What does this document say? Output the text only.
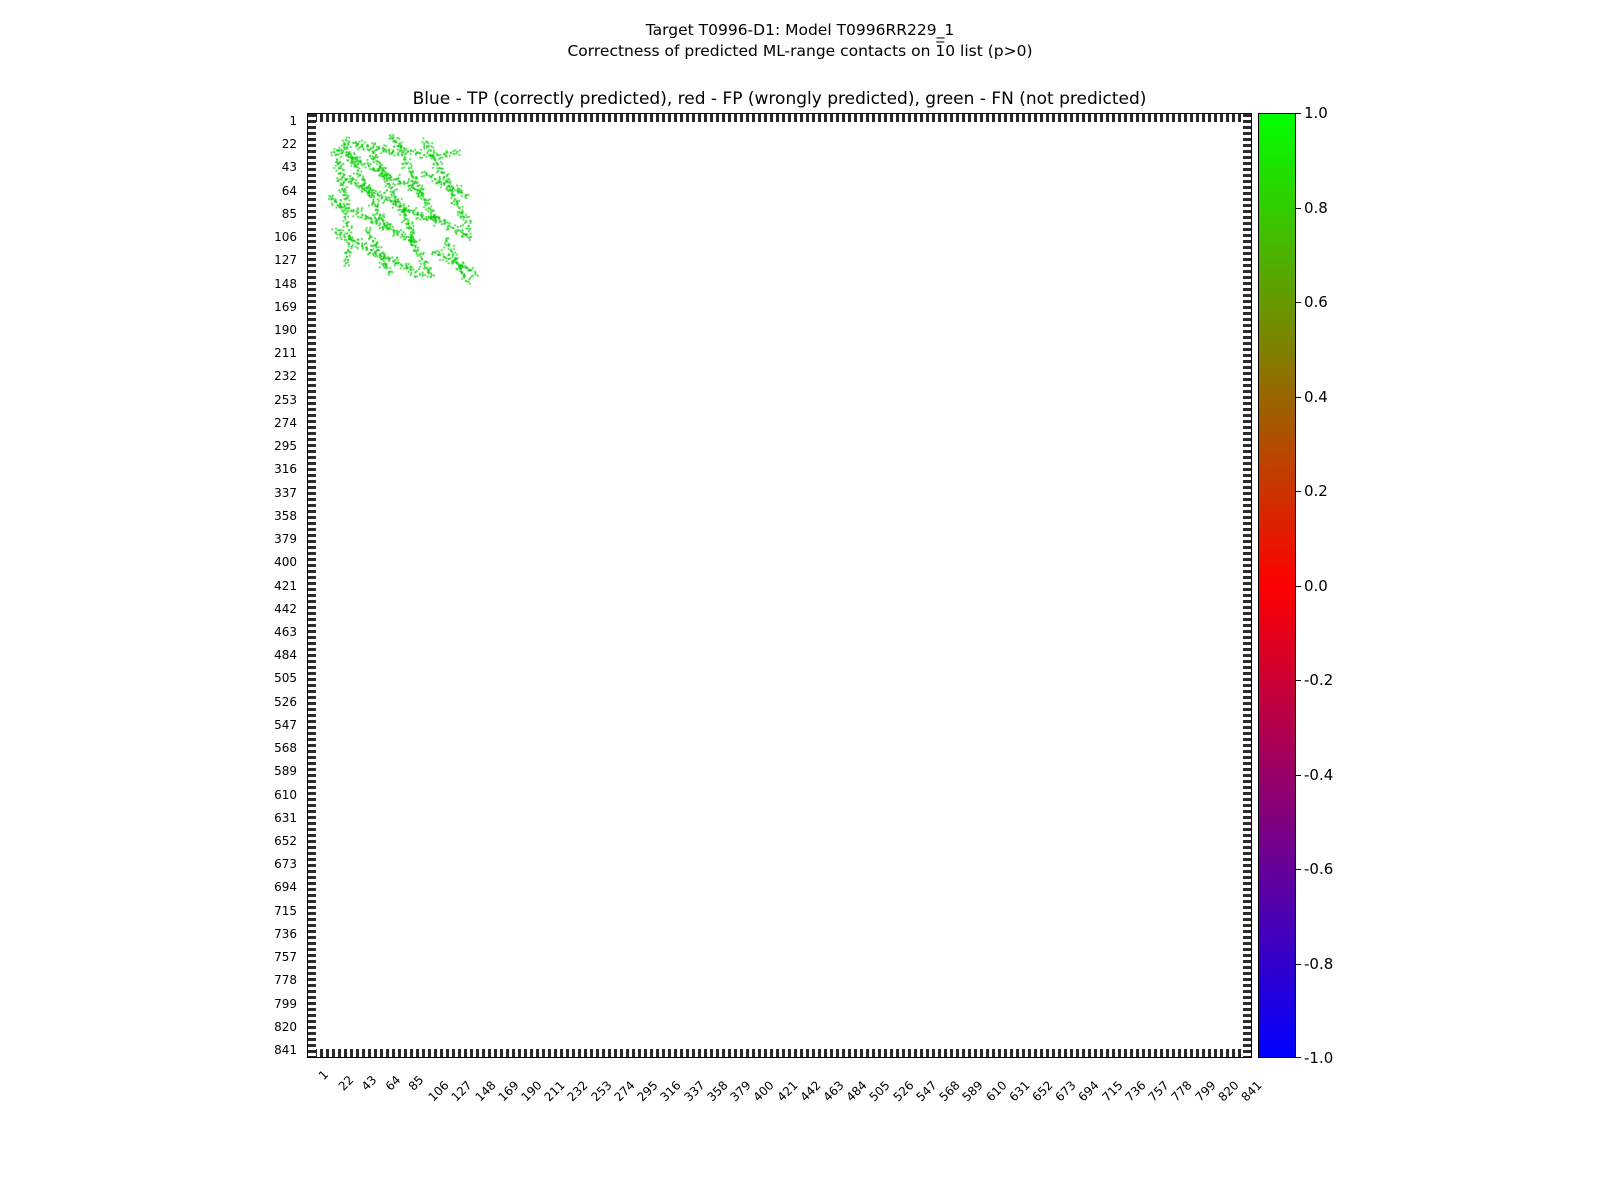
Target T0996-D1: Model T0996RR229_1
Correctness of predicted ML-range contacts on 1̅0 list (p>0)
Blue - TP (correctly predicted), red - FP (wrongly predicted), green - FN (not predicted)
1
22
43
64
85
106
127
148
169
190
211
232
253
274
295
316
337
358
379
400
421
442
463
484
505
526
547
568
589
610
631
652
673
694
715
736
757
778
799
820
841
1 22 43 64 85 106
127
148
169
190
211
232
253
274
295
316
337
358
379
400
421
442
463
484
505
526
547
568
589
610
631
652
673
694
715
736
757
778
799
820
841
1.0
0.8
0.6
0.4
0.2
0.0
-0.2
-0.4
-0.6
-0.8
-1.0
